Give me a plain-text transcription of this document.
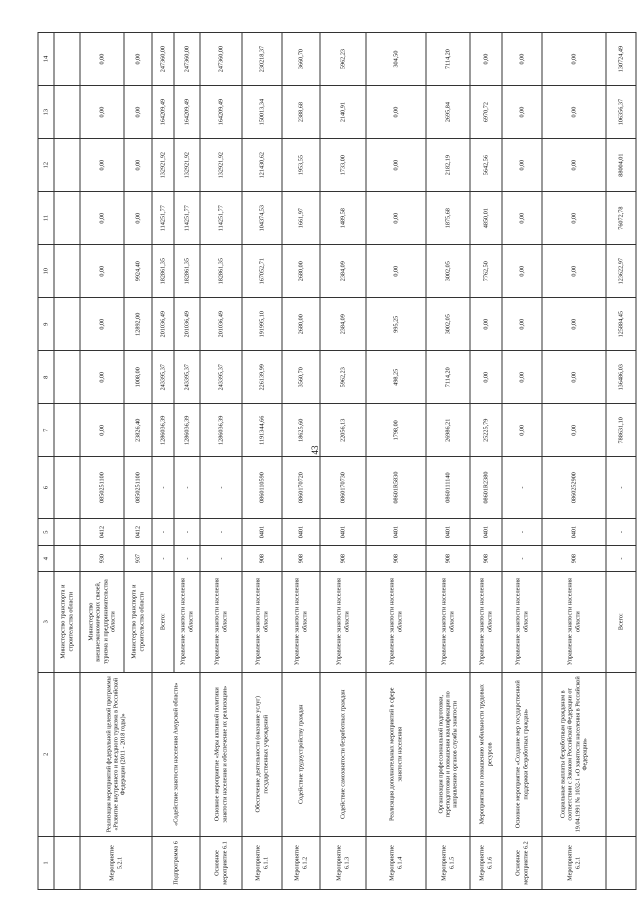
43
1	2	3	4	5	6	7	8	9	10	11	12	13	14
		Министерство транспорта и строительства области											
Мероприятие 5.2.1	Реализация мероприятий федеральной целевой программы «Развитие внутреннего и въездного туризма в Российской Федерации (2011 - 2018 годы)»	Министерство внешнеэкономических связей, туризма и предпринимательства области	930	0412	0850251100	0,00	0,00	0,00	0,00	0,00	0,00	0,00	0,00
		Министерство транспорта и строительства области	937	0412	0850251100	23826,40	1008,00	12892,00	9924,40	0,00	0,00	0,00	0,00
Подпрограмма 6	«Содействие занятости населения Амурской области»	Всего:	-	-	-	1286036,39	243395,37	201036,49	182861,35	114251,77	132921,92	164209,49	247360,00
		Управление занятости населения области	-	-	-	1286036,39	243395,37	201036,49	182861,35	114251,77	132921,92	164209,49	247360,00
Основное мероприятие 6.1	Основное мероприятие «Меры активной политики занятости населения и обеспечение их реализации»	Управление занятости населения области	-	-	-	1286036,39	243395,37	201036,49	182861,35	114251,77	132921,92	164209,49	247360,00
Мероприятие 6.1.1	Обеспечение деятельности (оказание услуг) государственных учреждений	Управление занятости населения области	908	0401	0860110590	1191344,66	226139,99	191995,10	167052,71	104374,53	121430,62	150013,34	230218,37
Мероприятие 6.1.2	Содействие трудоустройству граждан	Управление занятости населения области	908	0401	0860170720	18625,60	3560,70	2680,00	2680,00	1661,97	1953,55	2388,68	3660,70
Мероприятие 6.1.3	Содействие самозанятости безработных граждан	Управление занятости населения области	908	0401	0860170730	22056,13	5962,23	2384,09	2384,09	1489,58	1733,00	2140,91	5962,23
Мероприятие 6.1.4	Реализация дополнительных мероприятий в сфере занятости населения	Управление занятости населения области	908	0401	08601R5830	1798,00	498,25	995,25	0,00	0,00	0,00	0,00	304,50
Мероприятие 6.1.5	Организация профессиональной подготовки, переподготовки и повышения квалификации по направлению органов службы занятости	Управление занятости населения области	908	0401	0860111140	26986,21	7114,20	3002,05	3002,05	1875,68	2182,19	2695,84	7114,20
Мероприятие 6.1.6	Мероприятия по повышению мобильности трудовых ресурсов	Управление занятости населения области	908	0401	08601R2380	25225,79	0,00	0,00	7762,50	4850,01	5642,56	6970,72	0,00
Основное мероприятие 6.2	Основное мероприятие «Создание мер государственной поддержки безработных граждан»	Управление занятости населения области	-	-	-	0,00	0,00	0,00	0,00	0,00	0,00	0,00	0,00
Мероприятие 6.2.1	Социальные выплаты безработным гражданам в соответствии с Законом Российской Федерации от 19.04.1991 № 1032-1 «О занятости населения в Российской Федерации»	Управление занятости населения области	908	0401	0860252900	0,00	0,00	0,00	0,00	0,00	0,00	0,00	0,00
		Всего:	-	-	-	788631,10	136486,03	125884,45	123622,97	76072,78	88004,01	106356,37	130724,49
